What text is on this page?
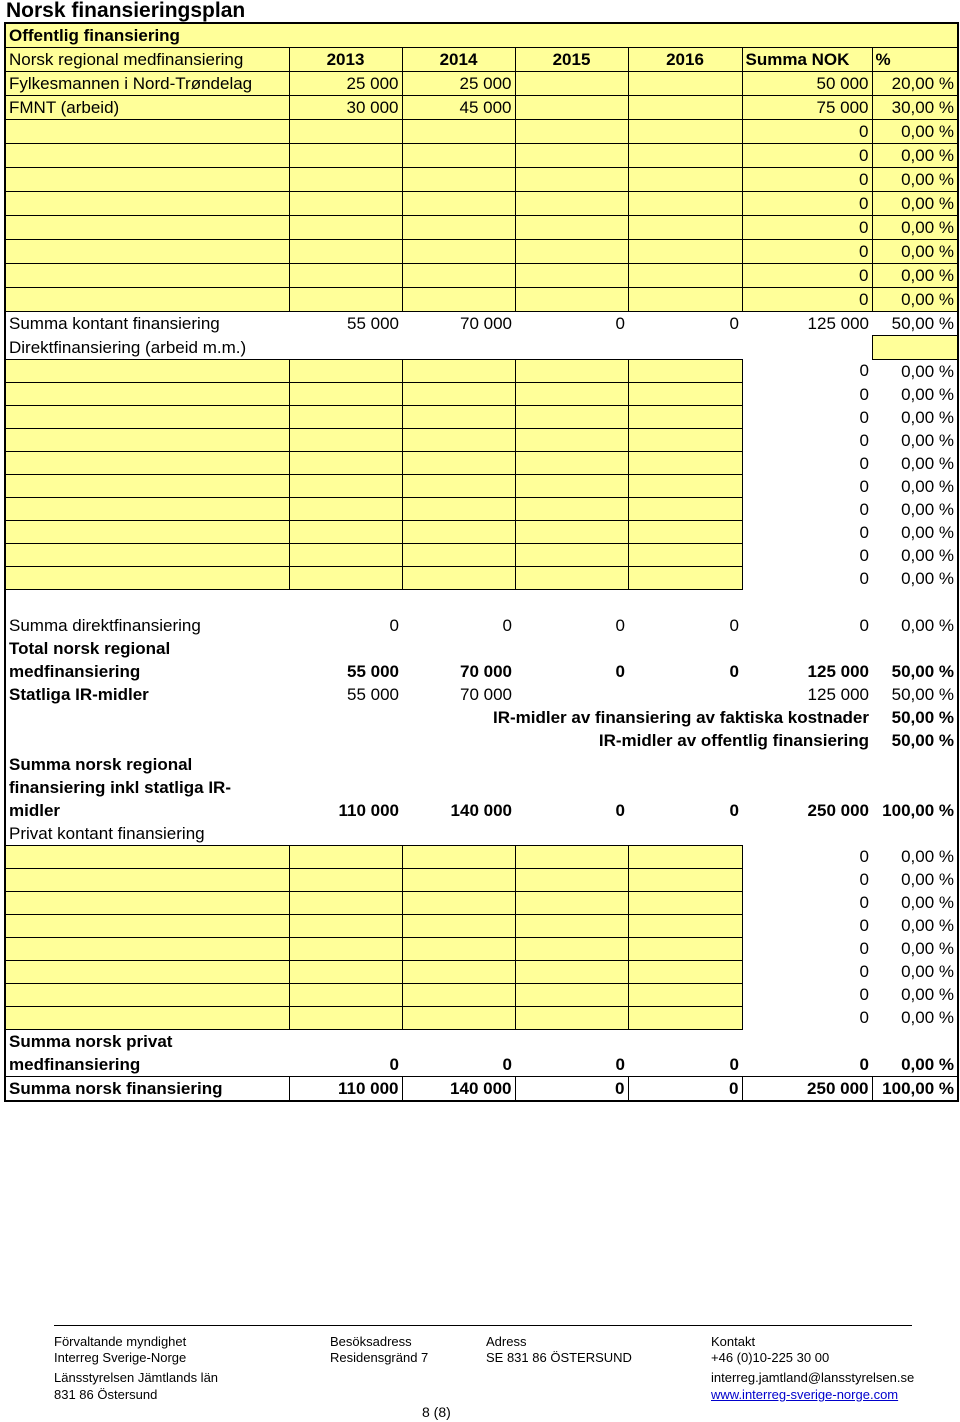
Norsk finansieringsplan
Offentlig finansiering						
Norsk regional medfinansiering	2013	2014	2015	2016	Summa NOK	%
Fylkesmannen i Nord-Trøndelag	25 000	25 000			50 000	20,00 %
FMNT (arbeid)	30 000	45 000			75 000	30,00 %
					0	0,00 %
					0	0,00 %
					0	0,00 %
					0	0,00 %
					0	0,00 %
					0	0,00 %
					0	0,00 %
					0	0,00 %
Summa kontant finansiering	55 000	70 000	0	0	125 000	50,00 %
Direktfinansiering (arbeid m.m.)						
					0	0,00 %
					0	0,00 %
					0	0,00 %
					0	0,00 %
					0	0,00 %
					0	0,00 %
					0	0,00 %
					0	0,00 %
					0	0,00 %
					0	0,00 %

Summa direktfinansiering	0	0	0	0	0	0,00 %
Total norsk regional
medfinansiering	55 000	70 000	0	0	125 000	50,00 %
Statliga IR-midler	55 000	70 000			125 000	50,00 %
IR-midler av finansiering av faktiska kostnader						50,00 %
IR-midler av offentlig finansiering						50,00 %
Summa norsk regional
finansiering inkl statliga IR-
midler	110 000	140 000	0	0	250 000	100,00 %
Privat kontant finansiering						
					0	0,00 %
					0	0,00 %
					0	0,00 %
					0	0,00 %
					0	0,00 %
					0	0,00 %
					0	0,00 %
					0	0,00 %
Summa norsk privat
medfinansiering	0	0	0	0	0	0,00 %
Summa norsk finansiering	110 000	140 000	0	0	250 000	100,00 %
Förvaltande myndighet	Besöksadress	Adress	Kontakt
Interreg Sverige-Norge	Residensgränd 7	SE 831 86 ÖSTERSUND	+46 (0)10-225 30 00
Länsstyrelsen Jämtlands län	interreg.jamtland@lansstyrelsen.se
831 86 Östersund	www.interreg-sverige-norge.com
8 (8)
